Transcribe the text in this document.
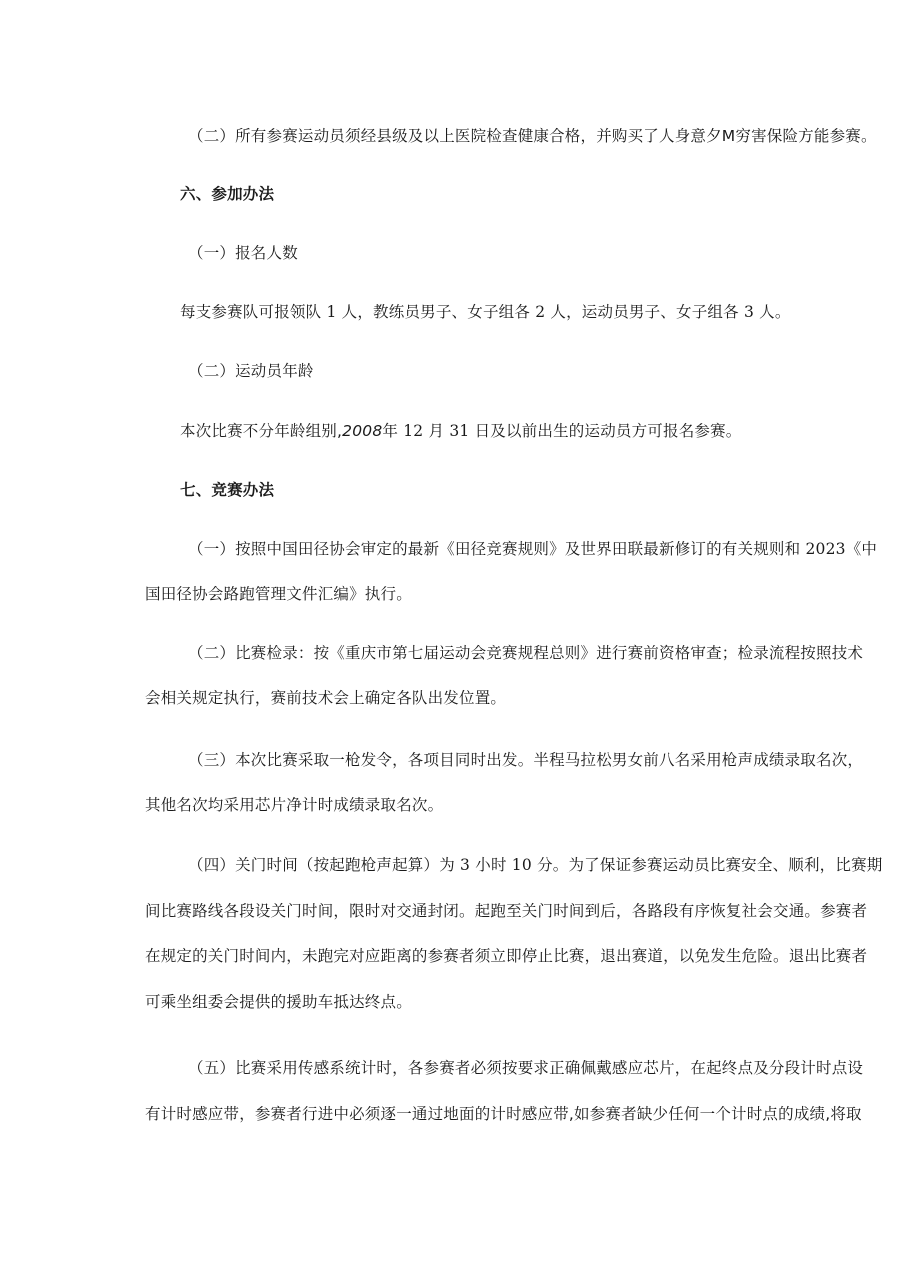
（二）所有参赛运动员须经县级及以上医院检查健康合格，并购买了人身意夕M穷害保险方能参赛。
六、参加办法
（一）报名人数
每支参赛队可报领队 1 人，教练员男子、女子组各 2 人，运动员男子、女子组各 3 人。
（二）运动员年龄
本次比赛不分年龄组别,2008年 12 月 31 日及以前出生的运动员方可报名参赛。
七、竞赛办法
（一）按照中国田径协会审定的最新《田径竞赛规则》及世界田联最新修订的有关规则和 2023《中
国田径协会路跑管理文件汇编》执行。
（二）比赛检录：按《重庆市第七届运动会竞赛规程总则》进行赛前资格审查；检录流程按照技术
会相关规定执行，赛前技术会上确定各队出发位置。
（三）本次比赛采取一枪发令，各项目同时出发。半程马拉松男女前八名采用枪声成绩录取名次，
其他名次均采用芯片净计时成绩录取名次。
（四）关门时间（按起跑枪声起算）为 3 小时 10 分。为了保证参赛运动员比赛安全、顺利，比赛期
间比赛路线各段设关门时间，限时对交通封闭。起跑至关门时间到后，各路段有序恢复社会交通。参赛者
在规定的关门时间内，未跑完对应距离的参赛者须立即停止比赛，退出赛道，以免发生危险。退出比赛者
可乘坐组委会提供的援助车抵达终点。
（五）比赛采用传感系统计时，各参赛者必须按要求正确佩戴感应芯片，在起终点及分段计时点设
有计时感应带，参赛者行进中必须逐一通过地面的计时感应带,如参赛者缺少任何一个计时点的成绩,将取
